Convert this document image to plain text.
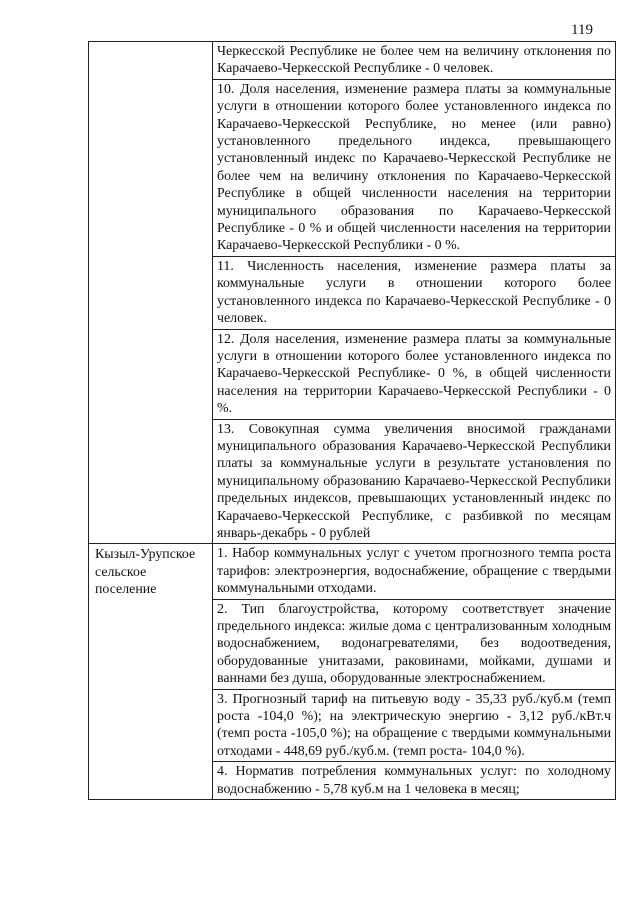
119

	Черкесской Республике не более чем на величину отклонения по Карачаево-Черкесской Республике - 0 человек.
10. Доля населения, изменение размера платы за коммунальные услуги в отношении которого более установленного индекса по Карачаево-Черкесской Республике, но менее (или равно) установленного предельного индекса, превышающего установленный индекс по Карачаево-Черкесской Республике не более чем на величину отклонения по Карачаево-Черкесской Республике в общей численности населения на территории муниципального образования по Карачаево-Черкесской Республике - 0 % и общей численности населения на территории Карачаево-Черкесской Республики - 0 %.
11. Численность населения, изменение размера платы за коммунальные услуги в отношении которого более установленного индекса по Карачаево-Черкесской Республике - 0 человек.
12. Доля населения, изменение размера платы за коммунальные услуги в отношении которого более установленного индекса по Карачаево-Черкесской Республике- 0 %, в общей численности населения на территории Карачаево-Черкесской Республики - 0 %.
13. Совокупная сумма увеличения вносимой гражданами муниципального образования Карачаево-Черкесской Республики платы за коммунальные услуги в результате установления по муниципальному образованию Карачаево-Черкесской Республики предельных индексов, превышающих установленный индекс по Карачаево-Черкесской Республике, с разбивкой по месяцам январь-декабрь - 0 рублей

Кызыл-Урупское сельское поселение	1. Набор коммунальных услуг с учетом прогнозного темпа роста тарифов: электроэнергия, водоснабжение, обращение с твердыми коммунальными отходами.
2. Тип благоустройства, которому соответствует значение предельного индекса: жилые дома с централизованным холодным водоснабжением, водонагревателями, без водоотведения, оборудованные унитазами, раковинами, мойками, душами и ваннами без душа, оборудованные электроснабжением.
3. Прогнозный тариф на питьевую воду - 35,33 руб./куб.м (темп роста -104,0 %); на электрическую энергию - 3,12 руб./кВт.ч (темп роста -105,0 %); на обращение с твердыми коммунальными отходами - 448,69 руб./куб.м. (темп роста- 104,0 %).
4. Норматив потребления коммунальных услуг: по холодному водоснабжению - 5,78 куб.м на 1 человека в месяц;
